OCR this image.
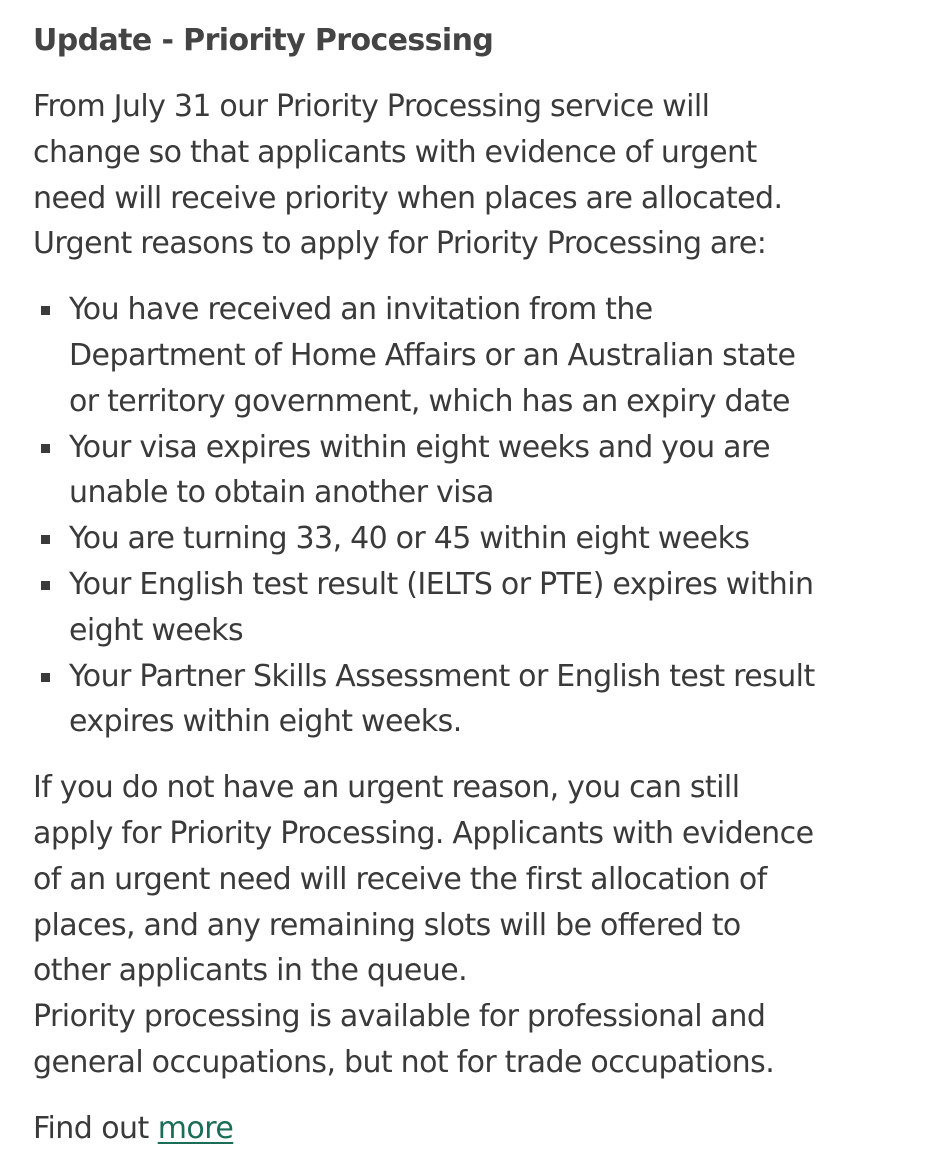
Update - Priority Processing

From July 31 our Priority Processing service will
change so that applicants with evidence of urgent
need will receive priority when places are allocated.
Urgent reasons to apply for Priority Processing are:

You have received an invitation from the
Department of Home Affairs or an Australian state
or territory government, which has an expiry date
Your visa expires within eight weeks and you are
unable to obtain another visa
You are turning 33, 40 or 45 within eight weeks
Your English test result (IELTS or PTE) expires within
eight weeks
Your Partner Skills Assessment or English test result
expires within eight weeks.

If you do not have an urgent reason, you can still
apply for Priority Processing. Applicants with evidence
of an urgent need will receive the first allocation of
places, and any remaining slots will be offered to
other applicants in the queue.
Priority processing is available for professional and
general occupations, but not for trade occupations.

Find out more
